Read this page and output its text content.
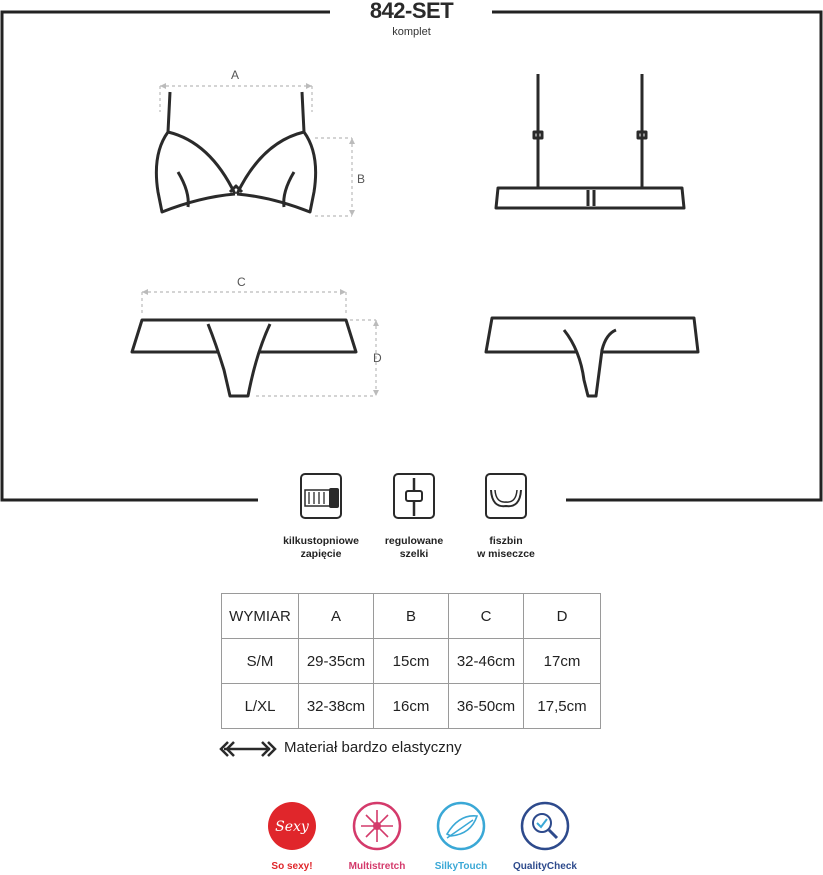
842-SET
komplet
A
B
C
D
kilkustopniowe
zapięcie
regulowane
szelki
fiszbin
w miseczce
WYMIAR	A	B	C	D
S/M	29-35cm	15cm	32-46cm	17cm
L/XL	32-38cm	16cm	36-50cm	17,5cm
Materiał bardzo elastyczny
Sexy
So sexy!	Multistretch	SilkyTouch	QualityCheck
